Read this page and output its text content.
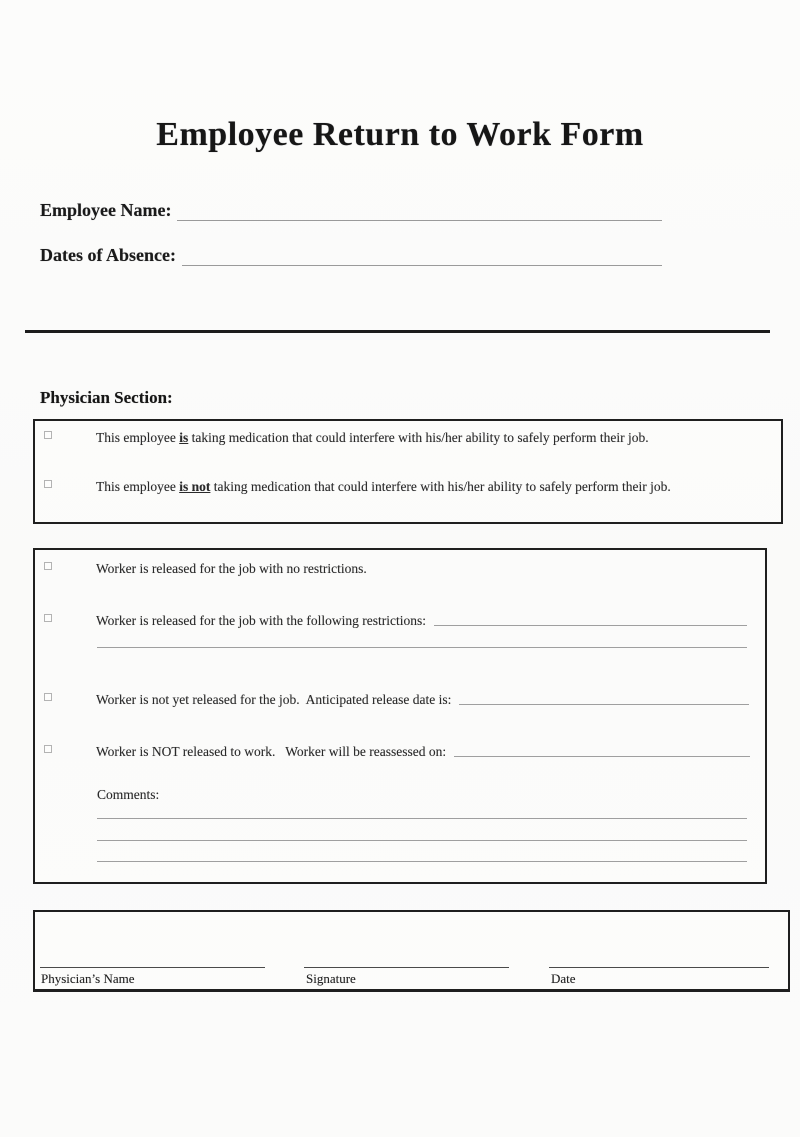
Employee Return to Work Form
Employee Name:
Dates of Absence:
Physician Section:
This employee is taking medication that could interfere with his/her ability to safely perform their job.
This employee is not taking medication that could interfere with his/her ability to safely perform their job.
Worker is released for the job with no restrictions.
Worker is released for the job with the following restrictions:
Worker is not yet released for the job.  Anticipated release date is:
Worker is NOT released to work.   Worker will be reassessed on:
Comments:
Physician’s Name	Signature	Date
